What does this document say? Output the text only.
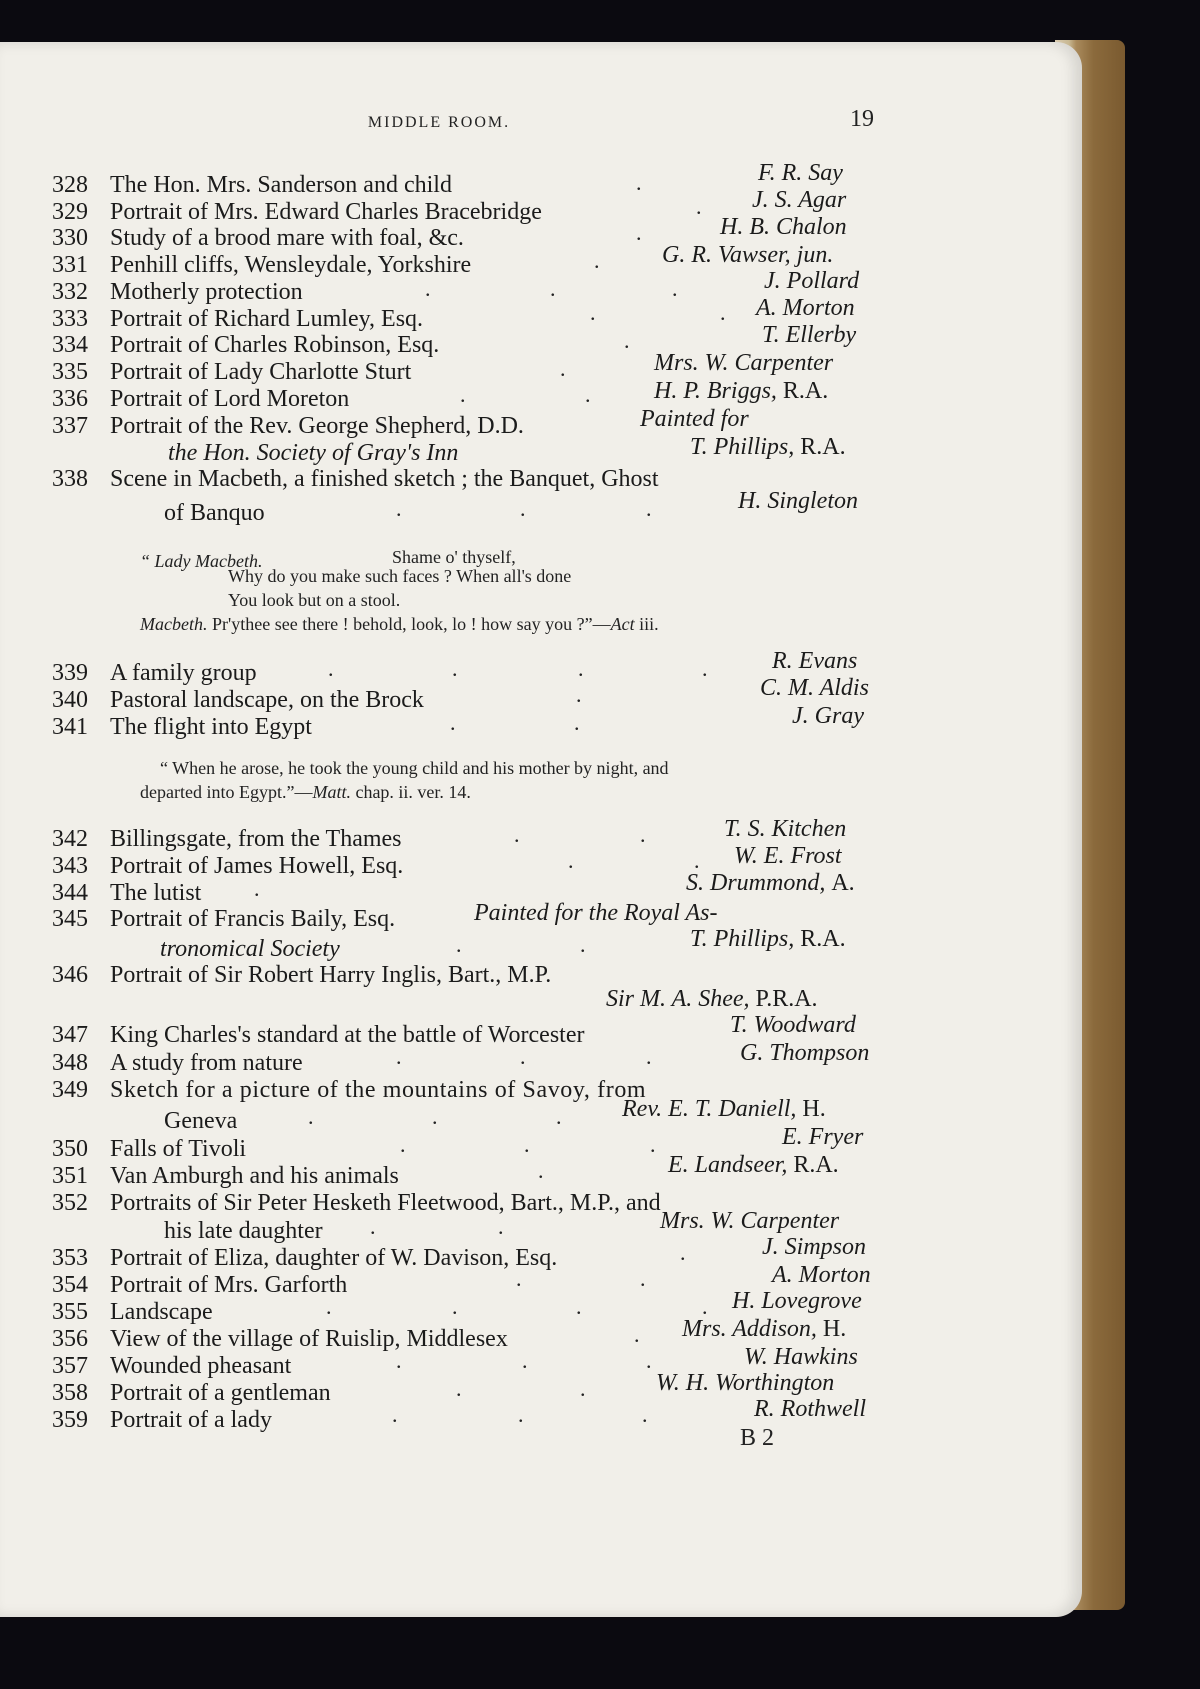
MIDDLE ROOM.	19
328 The Hon. Mrs. Sanderson and child	.	F. R. Say
329 Portrait of Mrs. Edward Charles Bracebridge	. J. S. Agar
330 Study of a brood mare with foal, &c.	.	H. B. Chalon
331 Penhill cliffs, Wensleydale, Yorkshire	.	G. R. Vawser, jun.
332 Motherly protection	.	.	.	J. Pollard
333 Portrait of Richard Lumley, Esq.	.	. A. Morton
334 Portrait of Charles Robinson, Esq.	.	T. Ellerby
335 Portrait of Lady Charlotte Sturt	.	Mrs. W. Carpenter
336 Portrait of Lord Moreton	.	.	H. P. Briggs, R.A.
337 Portrait of the Rev. George Shepherd, D.D.	Painted for
the Hon. Society of Gray's Inn	T. Phillips, R.A.
338 Scene in Macbeth, a finished sketch ; the Banquet, Ghost
of Banquo	.	.	.	H. Singleton
“ Lady Macbeth.	Shame o' thyself,
Why do you make such faces ? When all's done
You look but on a stool.
Macbeth. Pr'ythee see there ! behold, look, lo ! how say you ?”—Act iii.
339 A family group	.	.	.	.	R. Evans
340 Pastoral landscape, on the Brock	.	C. M. Aldis
341 The flight into Egypt	.	.	J. Gray
“ When he arose, he took the young child and his mother by night, and
departed into Egypt.”—Matt. chap. ii. ver. 14.
342 Billingsgate, from the Thames	.	.	T. S. Kitchen
343 Portrait of James Howell, Esq.	.	. W. E. Frost
344 The lutist	.	S. Drummond, A.
345 Portrait of Francis Baily, Esq.	Painted for the Royal As-
tronomical Society	.	.	T. Phillips, R.A.
346 Portrait of Sir Robert Harry Inglis, Bart., M.P.
Sir M. A. Shee, P.R.A.
347 King Charles's standard at the battle of Worcester	T. Woodward
348 A study from nature	.	.	.	G. Thompson
349 Sketch for a picture of the mountains of Savoy, from
Geneva	.	.	.	Rev. E. T. Daniell, H.
350 Falls of Tivoli	.	.	.	E. Fryer
351 Van Amburgh and his animals	.	E. Landseer, R.A.
352 Portraits of Sir Peter Hesketh Fleetwood, Bart., M.P., and
his late daughter .	.	Mrs. W. Carpenter
353 Portrait of Eliza, daughter of W. Davison, Esq.	.	J. Simpson
354 Portrait of Mrs. Garforth	.	.	A. Morton
355 Landscape	.	.	.	. H. Lovegrove
356 View of the village of Ruislip, Middlesex	. Mrs. Addison, H.
357 Wounded pheasant	.	.	.	W. Hawkins
358 Portrait of a gentleman	.	.	W. H. Worthington
359 Portrait of a lady	.	.	.	R. Rothwell
B 2
